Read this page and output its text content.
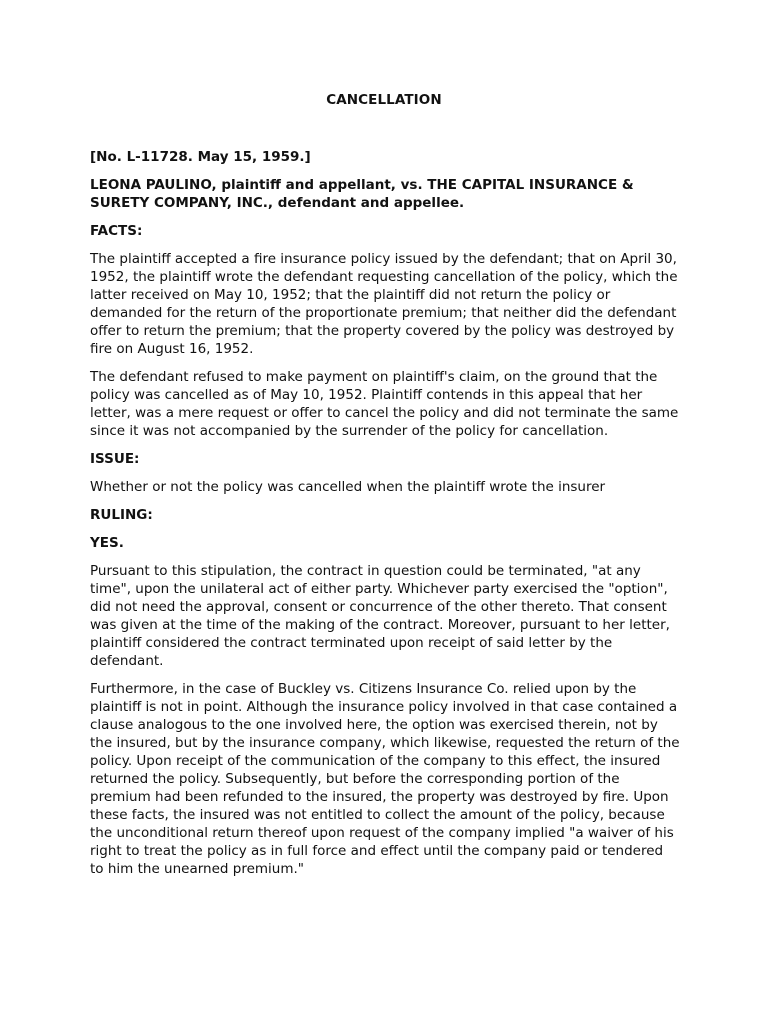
CANCELLATION

[No. L-11728. May 15, 1959.]

LEONA PAULINO, plaintiff and appellant, vs. THE CAPITAL INSURANCE & SURETY COMPANY, INC., defendant and appellee.

FACTS:

The plaintiff accepted a fire insurance policy issued by the defendant; that on April 30, 1952, the plaintiff wrote the defendant requesting cancellation of the policy, which the latter received on May 10, 1952; that the plaintiff did not return the policy or demanded for the return of the proportionate premium; that neither did the defendant offer to return the premium; that the property covered by the policy was destroyed by fire on August 16, 1952.

The defendant refused to make payment on plaintiff's claim, on the ground that the policy was cancelled as of May 10, 1952. Plaintiff contends in this appeal that her letter, was a mere request or offer to cancel the policy and did not terminate the same since it was not accompanied by the surrender of the policy for cancellation.

ISSUE:

Whether or not the policy was cancelled when the plaintiff wrote the insurer

RULING:

YES.

Pursuant to this stipulation, the contract in question could be terminated, "at any time", upon the unilateral act of either party. Whichever party exercised the "option", did not need the approval, consent or concurrence of the other thereto. That consent was given at the time of the making of the contract. Moreover, pursuant to her letter, plaintiff considered the contract terminated upon receipt of said letter by the defendant.

Furthermore, in the case of Buckley vs. Citizens Insurance Co. relied upon by the plaintiff is not in point. Although the insurance policy involved in that case contained a clause analogous to the one involved here, the option was exercised therein, not by the insured, but by the insurance company, which likewise, requested the return of the policy. Upon receipt of the communication of the company to this effect, the insured returned the policy. Subsequently, but before the corresponding portion of the premium had been refunded to the insured, the property was destroyed by fire. Upon these facts, the insured was not entitled to collect the amount of the policy, because the unconditional return thereof upon request of the company implied "a waiver of his right to treat the policy as in full force and effect until the company paid or tendered to him the unearned premium."
